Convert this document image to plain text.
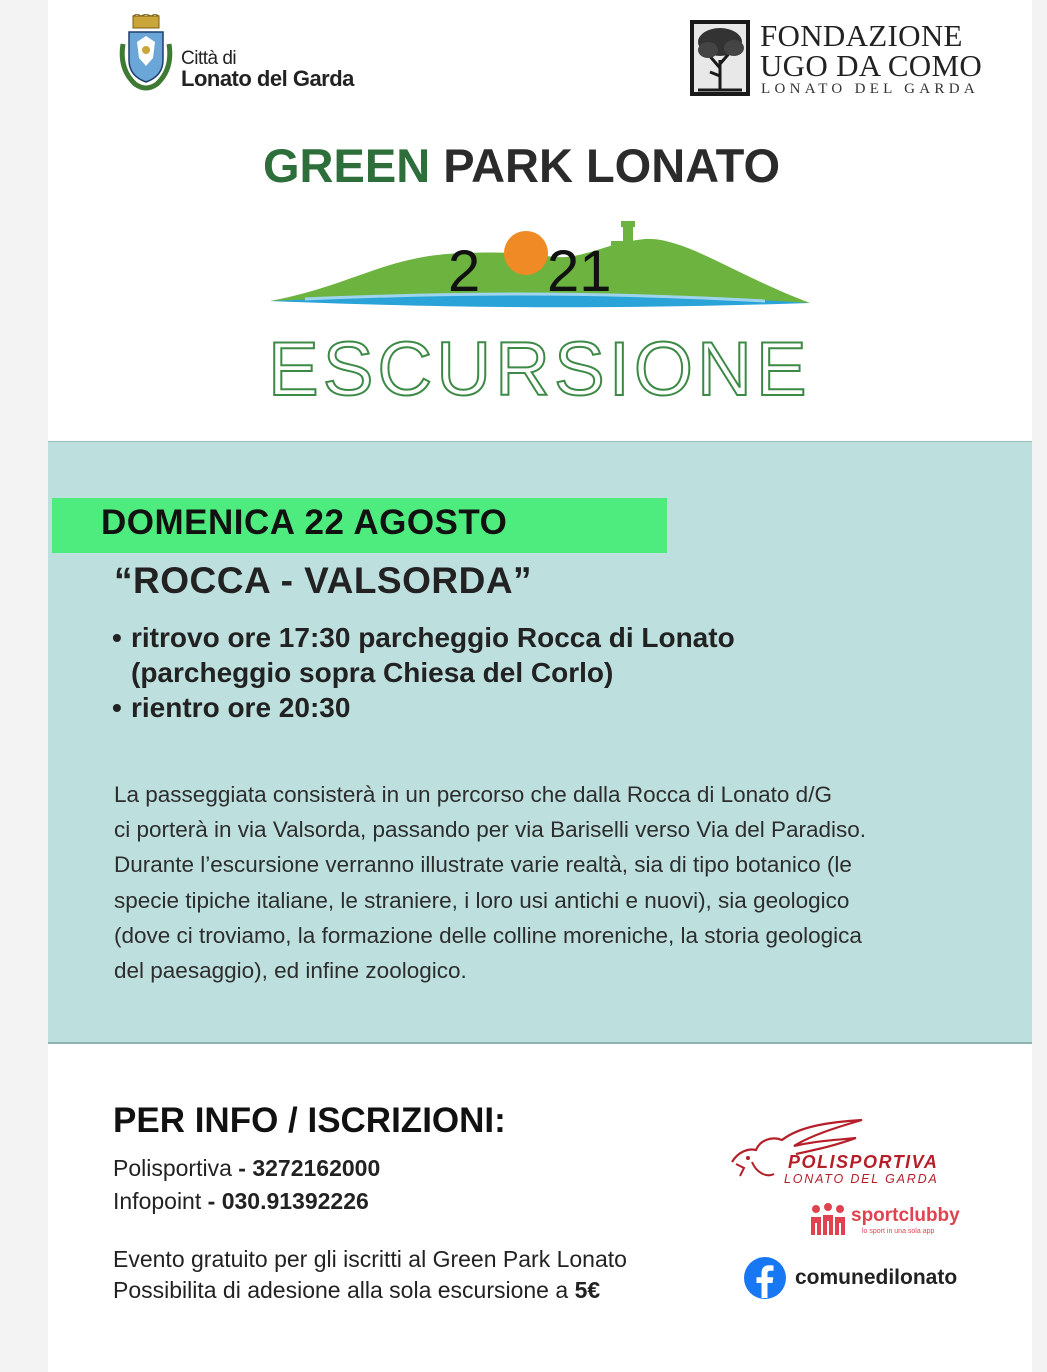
Città di
Lonato del Garda
FONDAZIONE
UGO DA COMO
LONATO DEL GARDA
GREEN PARK LONATO
2 21
ESCURSIONE
DOMENICA 22 AGOSTO
“ROCCA - VALSORDA”
• ritrovo ore 17:30 parcheggio Rocca di Lonato
(parcheggio sopra Chiesa del Corlo)
• rientro ore 20:30
La passeggiata consisterà in un percorso che dalla Rocca di Lonato d/G
ci porterà in via Valsorda, passando per via Bariselli verso Via del Paradiso.
Durante l’escursione verranno illustrate varie realtà, sia di tipo botanico (le
specie tipiche italiane, le straniere, i loro usi antichi e nuovi), sia geologico
(dove ci troviamo, la formazione delle colline moreniche, la storia geologica
del paesaggio), ed infine zoologico.
PER INFO / ISCRIZIONI:
Polisportiva - 3272162000
Infopoint - 030.91392226
Evento gratuito per gli iscritti al Green Park Lonato
Possibilita di adesione alla sola escursione a 5€
POLISPORTIVA
LONATO DEL GARDA
sportclubby
lo sport in una sola app
comunedilonato
